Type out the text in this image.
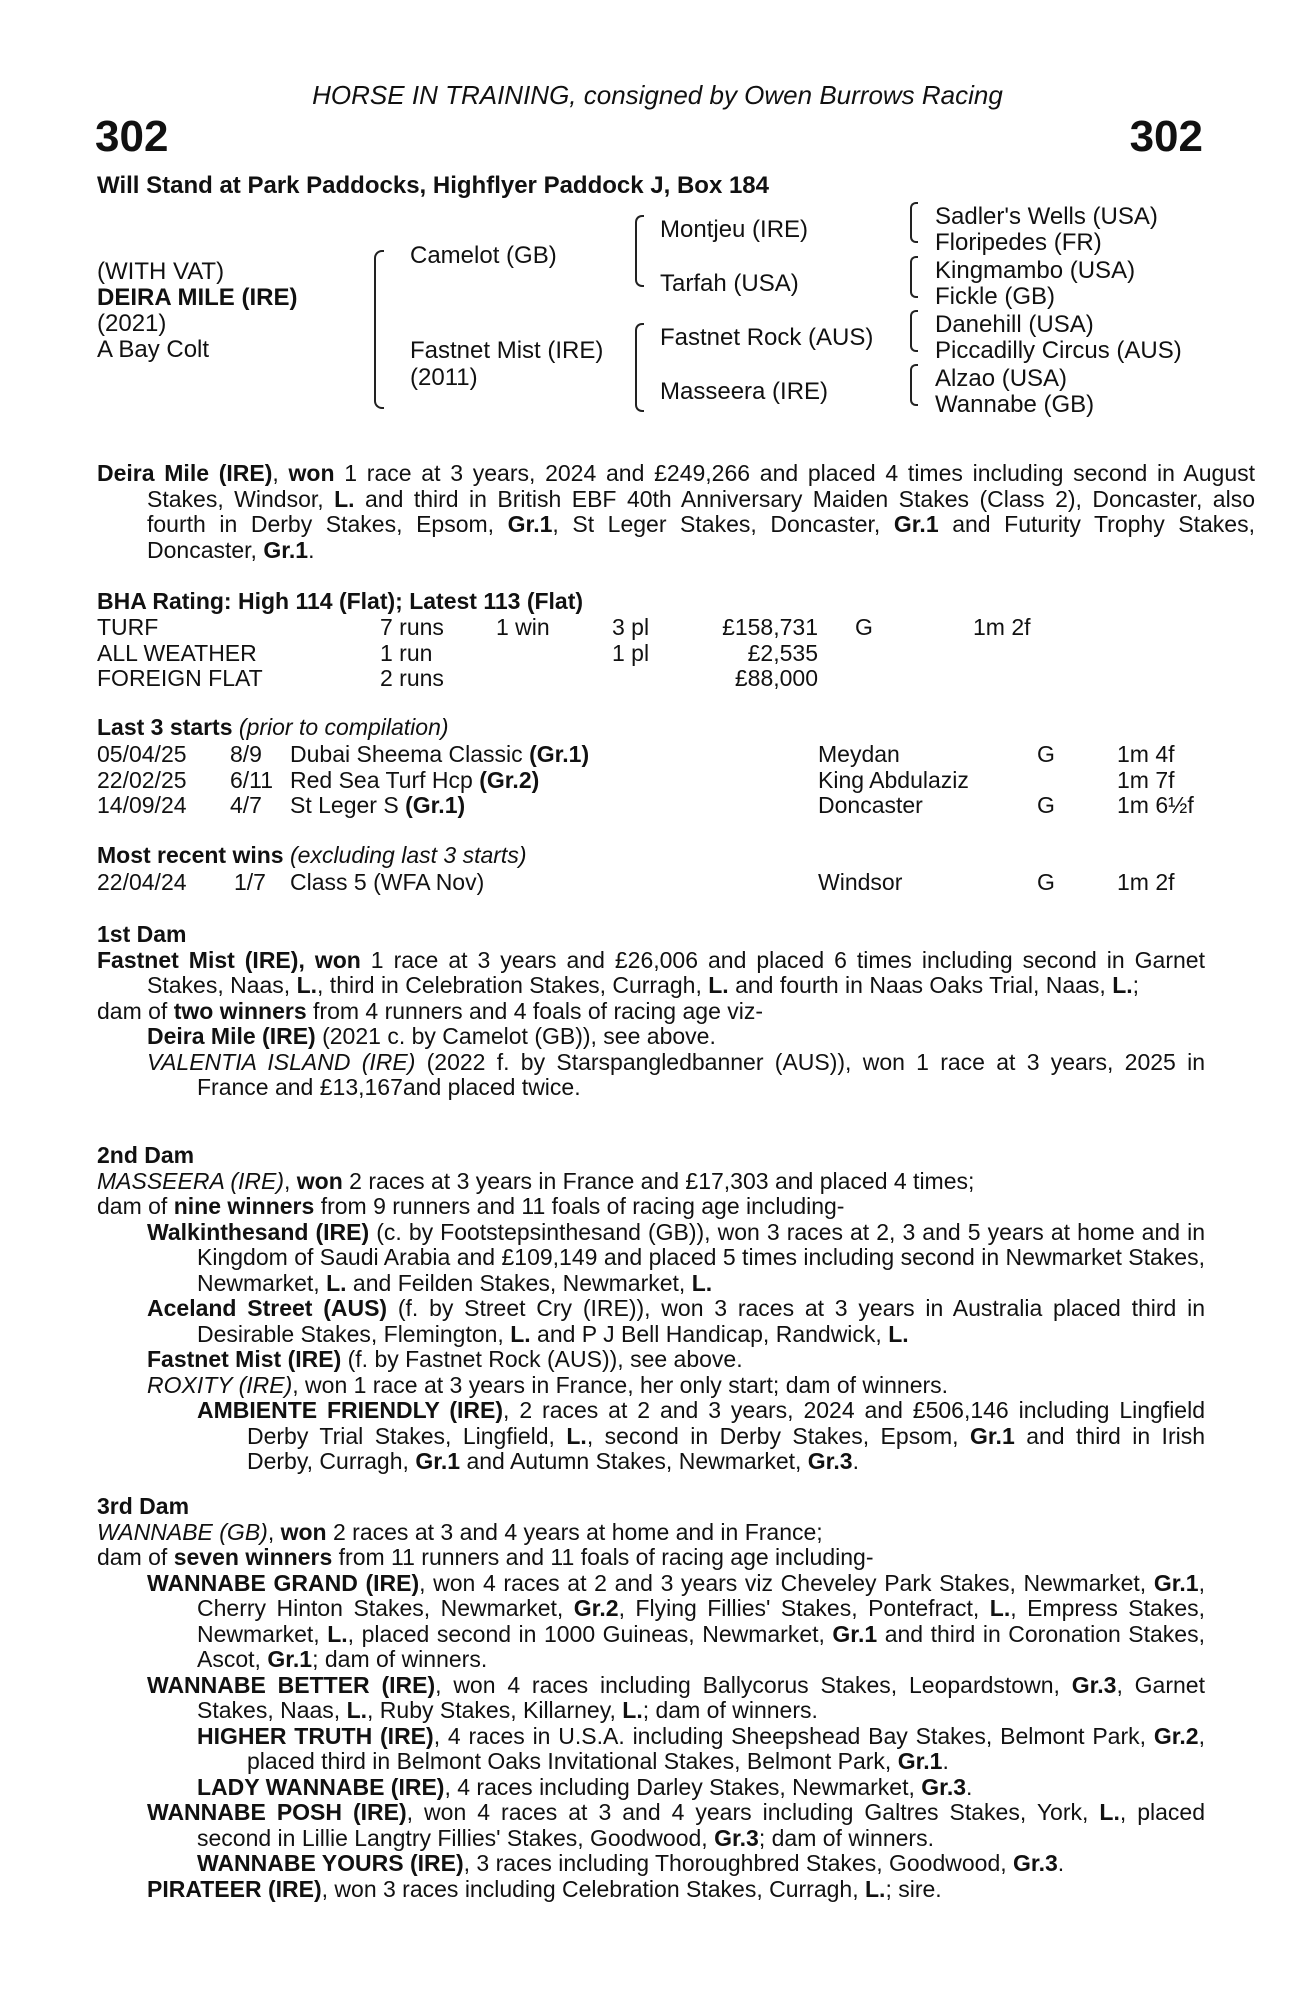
HORSE IN TRAINING, consigned by Owen Burrows Racing
302	302
Will Stand at Park Paddocks, Highflyer Paddock J, Box 184
(WITH VAT)
DEIRA MILE (IRE)
(2021)
A Bay Colt
Camelot (GB)
Fastnet Mist (IRE)
(2011)
Montjeu (IRE)
Tarfah (USA)
Fastnet Rock (AUS)
Masseera (IRE)
Sadler's Wells (USA)
Floripedes (FR)
Kingmambo (USA)
Fickle (GB)
Danehill (USA)
Piccadilly Circus (AUS)
Alzao (USA)
Wannabe (GB)
Deira Mile (IRE), won 1 race at 3 years, 2024 and £249,266 and placed 4 times including second in August Stakes, Windsor, L. and third in British EBF 40th Anniversary Maiden Stakes (Class 2), Doncaster, also fourth in Derby Stakes, Epsom, Gr.1, St Leger Stakes, Doncaster, Gr.1 and Futurity Trophy Stakes, Doncaster, Gr.1.
BHA Rating: High 114 (Flat); Latest 113 (Flat)
TURF	7 runs 1 win	3 pl	£158,731 G	1m 2f
ALL WEATHER	1 run	1 pl	£2,535
FOREIGN FLAT	2 runs	£88,000
Last 3 starts (prior to compilation)
05/04/25 8/9 Dubai Sheema Classic (Gr.1)	Meydan	G	1m 4f
22/02/25 6/11 Red Sea Turf Hcp (Gr.2)	King Abdulaziz	1m 7f
14/09/24 4/7 St Leger S (Gr.1)	Doncaster	G	1m 6½f
Most recent wins (excluding last 3 starts)
22/04/24 1/7 Class 5 (WFA Nov)	Windsor	G	1m 2f
1st Dam
Fastnet Mist (IRE), won 1 race at 3 years and £26,006 and placed 6 times including second in Garnet Stakes, Naas, L., third in Celebration Stakes, Curragh, L. and fourth in Naas Oaks Trial, Naas, L.;
dam of two winners from 4 runners and 4 foals of racing age viz-
Deira Mile (IRE) (2021 c. by Camelot (GB)), see above.
VALENTIA ISLAND (IRE) (2022 f. by Starspangledbanner (AUS)), won 1 race at 3 years, 2025 in France and £13,167and placed twice.
2nd Dam
MASSEERA (IRE), won 2 races at 3 years in France and £17,303 and placed 4 times;
dam of nine winners from 9 runners and 11 foals of racing age including-
Walkinthesand (IRE) (c. by Footstepsinthesand (GB)), won 3 races at 2, 3 and 5 years at home and in Kingdom of Saudi Arabia and £109,149 and placed 5 times including second in Newmarket Stakes, Newmarket, L. and Feilden Stakes, Newmarket, L.
Aceland Street (AUS) (f. by Street Cry (IRE)), won 3 races at 3 years in Australia placed third in Desirable Stakes, Flemington, L. and P J Bell Handicap, Randwick, L.
Fastnet Mist (IRE) (f. by Fastnet Rock (AUS)), see above.
ROXITY (IRE), won 1 race at 3 years in France, her only start; dam of winners.
AMBIENTE FRIENDLY (IRE), 2 races at 2 and 3 years, 2024 and £506,146 including Lingfield Derby Trial Stakes, Lingfield, L., second in Derby Stakes, Epsom, Gr.1 and third in Irish Derby, Curragh, Gr.1 and Autumn Stakes, Newmarket, Gr.3.
3rd Dam
WANNABE (GB), won 2 races at 3 and 4 years at home and in France;
dam of seven winners from 11 runners and 11 foals of racing age including-
WANNABE GRAND (IRE), won 4 races at 2 and 3 years viz Cheveley Park Stakes, Newmarket, Gr.1, Cherry Hinton Stakes, Newmarket, Gr.2, Flying Fillies' Stakes, Pontefract, L., Empress Stakes, Newmarket, L., placed second in 1000 Guineas, Newmarket, Gr.1 and third in Coronation Stakes, Ascot, Gr.1; dam of winners.
WANNABE BETTER (IRE), won 4 races including Ballycorus Stakes, Leopardstown, Gr.3, Garnet Stakes, Naas, L., Ruby Stakes, Killarney, L.; dam of winners.
HIGHER TRUTH (IRE), 4 races in U.S.A. including Sheepshead Bay Stakes, Belmont Park, Gr.2, placed third in Belmont Oaks Invitational Stakes, Belmont Park, Gr.1.
LADY WANNABE (IRE), 4 races including Darley Stakes, Newmarket, Gr.3.
WANNABE POSH (IRE), won 4 races at 3 and 4 years including Galtres Stakes, York, L., placed second in Lillie Langtry Fillies' Stakes, Goodwood, Gr.3; dam of winners.
WANNABE YOURS (IRE), 3 races including Thoroughbred Stakes, Goodwood, Gr.3.
PIRATEER (IRE), won 3 races including Celebration Stakes, Curragh, L.; sire.
